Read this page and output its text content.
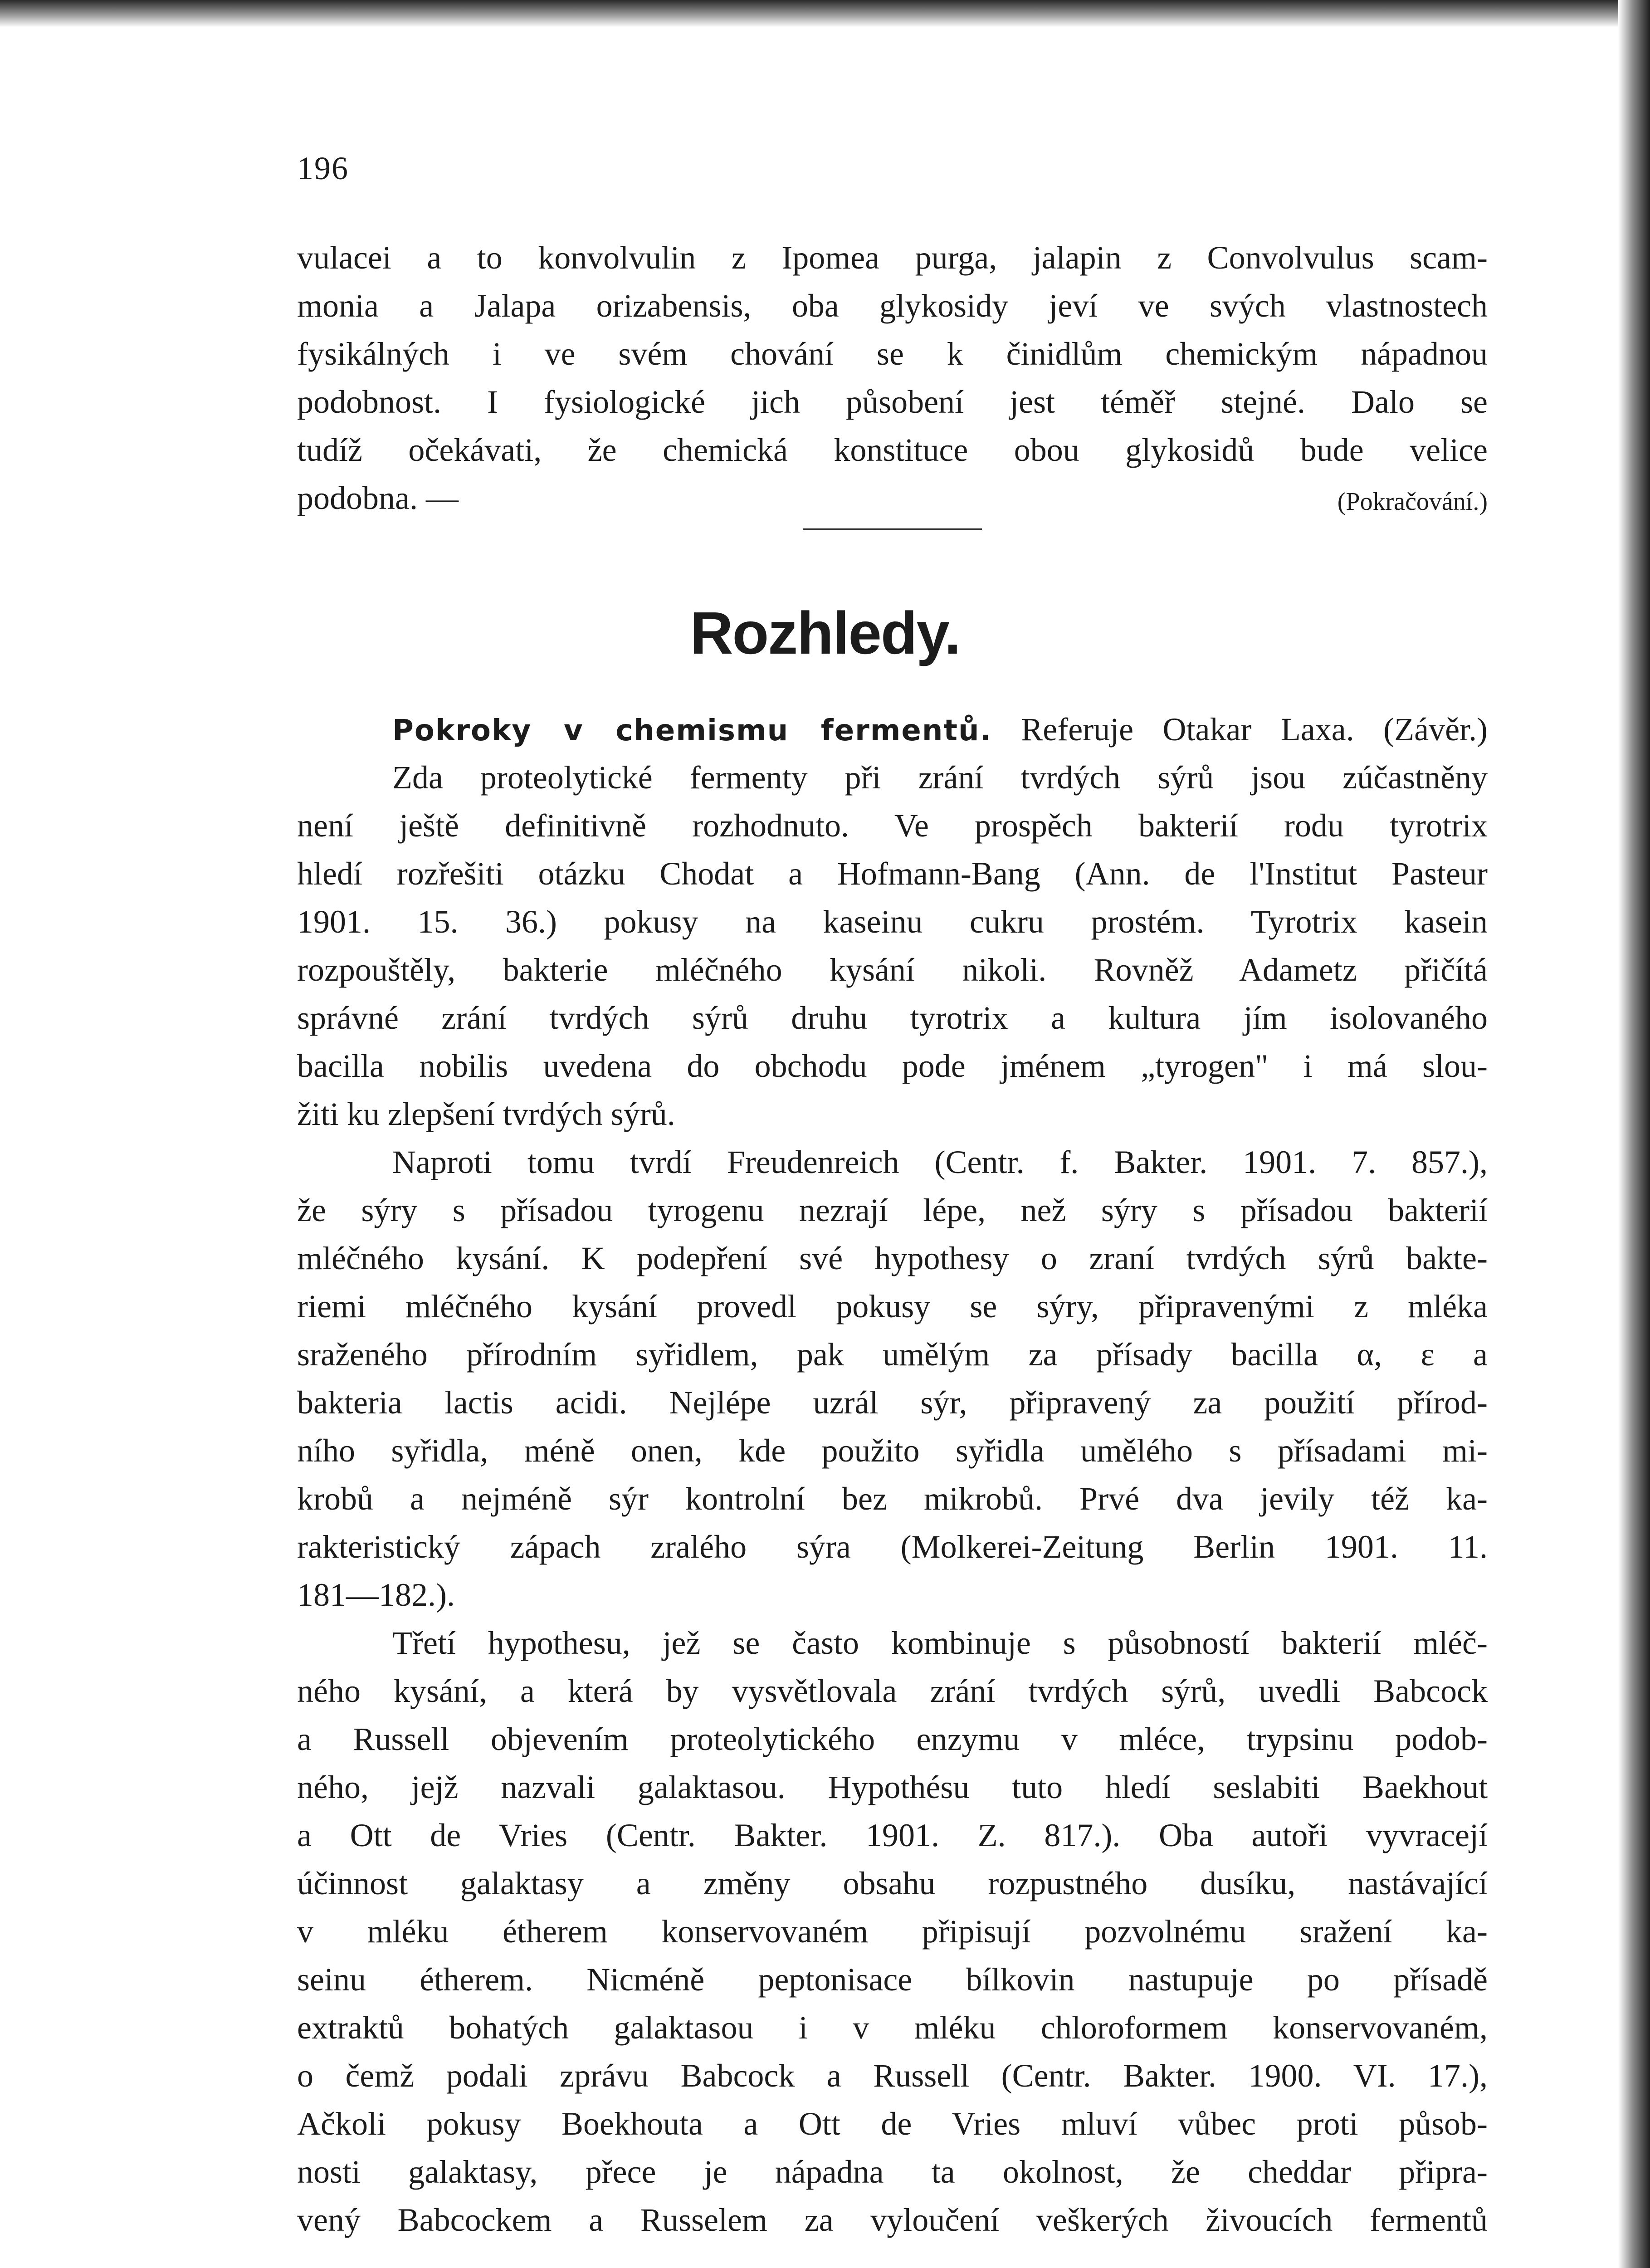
196
vulacei a to konvolvulin z Ipomea purga, jalapin z Convolvulus scam-
monia a Jalapa orizabensis, oba glykosidy jeví ve svých vlastnostech
fysikálných i ve svém chování se k činidlům chemickým nápadnou
podobnost. I fysiologické jich působení jest téměř stejné. Dalo se
tudíž očekávati, že chemická konstituce obou glykosidů bude velice
podobna. —	(Pokračování.)
Rozhledy.
Pokroky v chemismu fermentů. Referuje Otakar Laxa. (Závěr.)
Zda proteolytické fermenty při zrání tvrdých sýrů jsou zúčastněny
není ještě definitivně rozhodnuto. Ve prospěch bakterií rodu tyrotrix
hledí rozřešiti otázku Chodat a Hofmann-Bang (Ann. de l'Institut Pasteur
1901. 15. 36.) pokusy na kaseinu cukru prostém. Tyrotrix kasein
rozpouštěly, bakterie mléčného kysání nikoli. Rovněž Adametz přičítá
správné zrání tvrdých sýrů druhu tyrotrix a kultura jím isolovaného
bacilla nobilis uvedena do obchodu pode jménem „tyrogen" i má slou-
žiti ku zlepšení tvrdých sýrů.
Naproti tomu tvrdí Freudenreich (Centr. f. Bakter. 1901. 7. 857.),
že sýry s přísadou tyrogenu nezrají lépe, než sýry s přísadou bakterií
mléčného kysání. K podepření své hypothesy o zraní tvrdých sýrů bakte-
riemi mléčného kysání provedl pokusy se sýry, připravenými z mléka
sraženého přírodním syřidlem, pak umělým za přísady bacilla α, ε a
bakteria lactis acidi. Nejlépe uzrál sýr, připravený za použití přírod-
ního syřidla, méně onen, kde použito syřidla umělého s přísadami mi-
krobů a nejméně sýr kontrolní bez mikrobů. Prvé dva jevily též ka-
rakteristický zápach zralého sýra (Molkerei-Zeitung Berlin 1901. 11.
181—182.).
Třetí hypothesu, jež se často kombinuje s působností bakterií mléč-
ného kysání, a která by vysvětlovala zrání tvrdých sýrů, uvedli Babcock
a Russell objevením proteolytického enzymu v mléce, trypsinu podob-
ného, jejž nazvali galaktasou. Hypothésu tuto hledí seslabiti Baekhout
a Ott de Vries (Centr. Bakter. 1901. Z. 817.). Oba autoři vyvracejí
účinnost galaktasy a změny obsahu rozpustného dusíku, nastávající
v mléku étherem konservovaném připisují pozvolnému sražení ka-
seinu étherem. Nicméně peptonisace bílkovin nastupuje po přísadě
extraktů bohatých galaktasou i v mléku chloroformem konservovaném,
o čemž podali zprávu Babcock a Russell (Centr. Bakter. 1900. VI. 17.),
Ačkoli pokusy Boekhouta a Ott de Vries mluví vůbec proti působ-
nosti galaktasy, přece je nápadna ta okolnost, že cheddar připra-
vený Babcockem a Russelem za vyloučení veškerých živoucích fermentů
